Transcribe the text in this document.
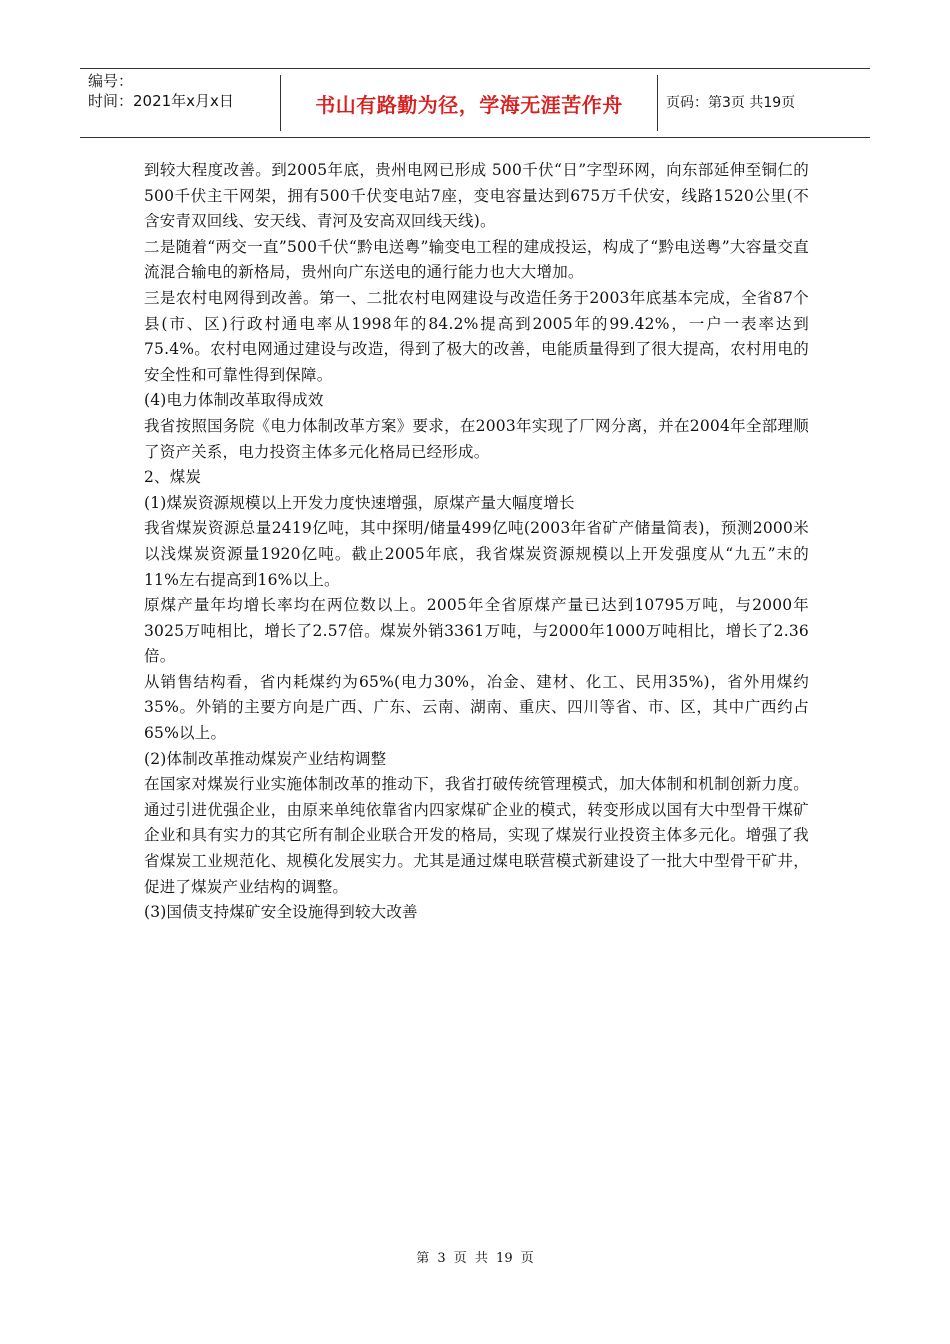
编号：
时间：2021年x月x日	书山有路勤为径，学海无涯苦作舟	页码：第3页 共19页

到较大程度改善。到2005年底，贵州电网已形成 500千伏“日”字型环网，向东部延伸至铜仁的500千伏主干网架，拥有500千伏变电站7座，变电容量达到675万千伏安，线路1520公里(不含安青双回线、安天线、青河及安高双回线天线)。

二是随着“两交一直”500千伏“黔电送粤”输变电工程的建成投运，构成了“黔电送粤”大容量交直流混合输电的新格局，贵州向广东送电的通行能力也大大增加。

三是农村电网得到改善。第一、二批农村电网建设与改造任务于2003年底基本完成，全省87个县(市、区)行政村通电率从1998年的84.2%提高到2005年的99.42%，一户一表率达到75.4%。农村电网通过建设与改造，得到了极大的改善，电能质量得到了很大提高，农村用电的安全性和可靠性得到保障。

(4)电力体制改革取得成效

我省按照国务院《电力体制改革方案》要求，在2003年实现了厂网分离，并在2004年全部理顺了资产关系，电力投资主体多元化格局已经形成。

2、煤炭

(1)煤炭资源规模以上开发力度快速增强，原煤产量大幅度增长

我省煤炭资源总量2419亿吨，其中探明/储量499亿吨(2003年省矿产储量简表)，预测2000米以浅煤炭资源量1920亿吨。截止2005年底，我省煤炭资源规模以上开发强度从“九五”末的11%左右提高到16%以上。

原煤产量年均增长率均在两位数以上。2005年全省原煤产量已达到10795万吨，与2000年3025万吨相比，增长了2.57倍。煤炭外销3361万吨，与2000年1000万吨相比，增长了2.36倍。

从销售结构看，省内耗煤约为65%(电力30%，冶金、建材、化工、民用35%)，省外用煤约35%。外销的主要方向是广西、广东、云南、湖南、重庆、四川等省、市、区，其中广西约占65%以上。

(2)体制改革推动煤炭产业结构调整

在国家对煤炭行业实施体制改革的推动下，我省打破传统管理模式，加大体制和机制创新力度。通过引进优强企业，由原来单纯依靠省内四家煤矿企业的模式，转变形成以国有大中型骨干煤矿企业和具有实力的其它所有制企业联合开发的格局，实现了煤炭行业投资主体多元化。增强了我省煤炭工业规范化、规模化发展实力。尤其是通过煤电联营模式新建设了一批大中型骨干矿井，促进了煤炭产业结构的调整。

(3)国债支持煤矿安全设施得到较大改善

第 3 页 共 19 页
